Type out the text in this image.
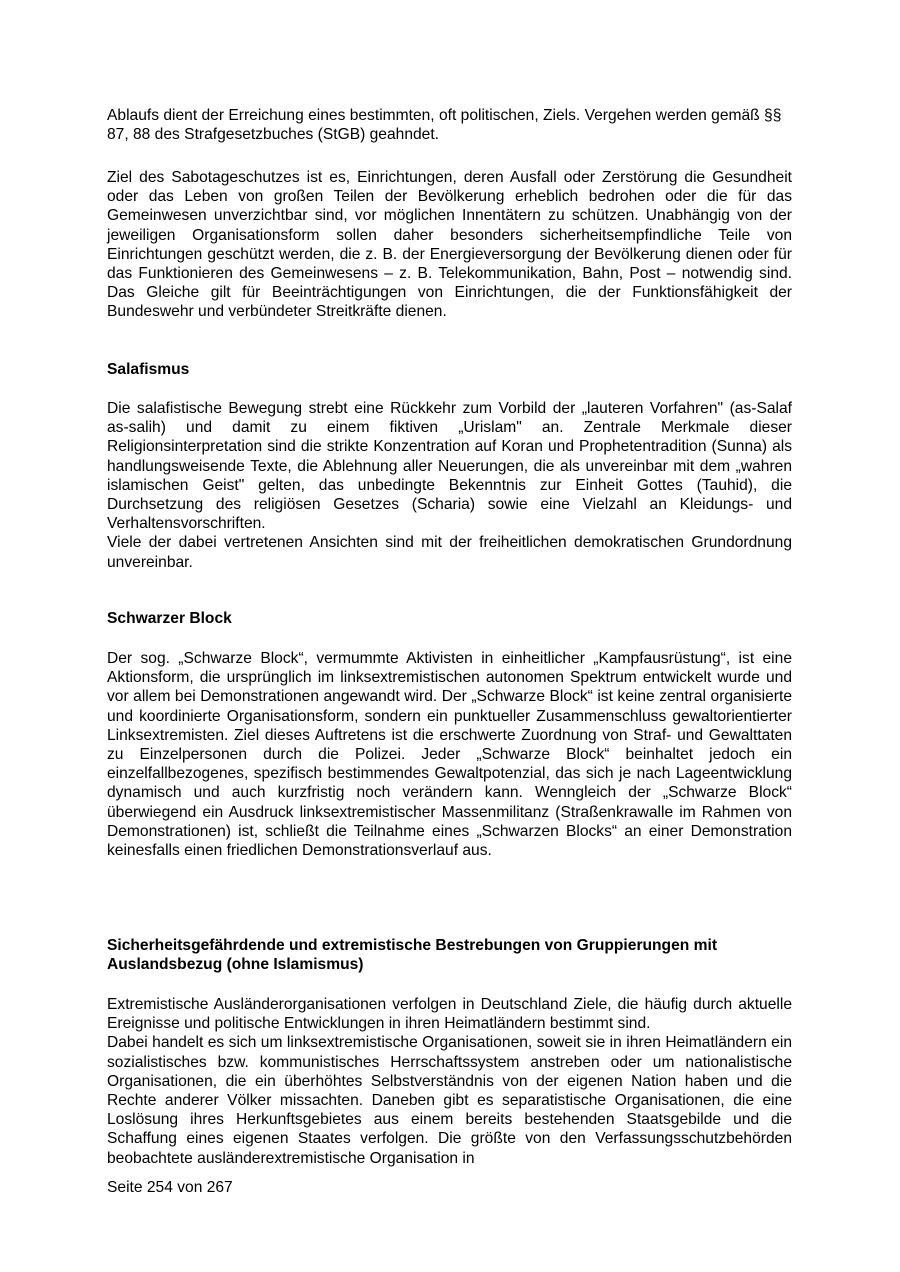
Ablaufs dient der Erreichung eines bestimmten, oft politischen, Ziels. Vergehen werden gemäß §§ 87, 88 des Strafgesetzbuches (StGB) geahndet.

Ziel des Sabotageschutzes ist es, Einrichtungen, deren Ausfall oder Zerstörung die Gesundheit oder das Leben von großen Teilen der Bevölkerung erheblich bedrohen oder die für das Gemeinwesen unverzichtbar sind, vor möglichen Innentätern zu schützen. Unabhängig von der jeweiligen Organisationsform sollen daher besonders sicherheitsempfindliche Teile von Einrichtungen geschützt werden, die z. B. der Energieversorgung der Bevölkerung dienen oder für das Funktionieren des Gemeinwesens – z. B. Telekommunikation, Bahn, Post – notwendig sind. Das Gleiche gilt für Beeinträchtigungen von Einrichtungen, die der Funktionsfähigkeit der Bundeswehr und verbündeter Streitkräfte dienen.

Salafismus

Die salafistische Bewegung strebt eine Rückkehr zum Vorbild der „lauteren Vorfahren" (as-Salaf as-salih) und damit zu einem fiktiven „Urislam" an. Zentrale Merkmale dieser Religionsinterpretation sind die strikte Konzentration auf Koran und Prophetentradition (Sunna) als handlungsweisende Texte, die Ablehnung aller Neuerungen, die als unvereinbar mit dem „wahren islamischen Geist" gelten, das unbedingte Bekenntnis zur Einheit Gottes (Tauhid), die Durchsetzung des religiösen Gesetzes (Scharia) sowie eine Vielzahl an Kleidungs- und Verhaltensvorschriften.

Viele der dabei vertretenen Ansichten sind mit der freiheitlichen demokratischen Grundordnung unvereinbar.

Schwarzer Block

Der sog. „Schwarze Block“, vermummte Aktivisten in einheitlicher „Kampfausrüstung“, ist eine Aktionsform, die ursprünglich im linksextremistischen autonomen Spektrum entwickelt wurde und vor allem bei Demonstrationen angewandt wird. Der „Schwarze Block“ ist keine zentral organisierte und koordinierte Organisationsform, sondern ein punktueller Zusammenschluss gewaltorientierter Linksextremisten. Ziel dieses Auftretens ist die erschwerte Zuordnung von Straf- und Gewalttaten zu Einzelpersonen durch die Polizei. Jeder „Schwarze Block“ beinhaltet jedoch ein einzelfallbezogenes, spezifisch bestimmendes Gewaltpotenzial, das sich je nach Lageentwicklung dynamisch und auch kurzfristig noch verändern kann. Wenngleich der „Schwarze Block“ überwiegend ein Ausdruck linksextremistischer Massenmilitanz (Straßenkrawalle im Rahmen von Demonstrationen) ist, schließt die Teilnahme eines „Schwarzen Blocks“ an einer Demonstration keinesfalls einen friedlichen Demonstrationsverlauf aus.

Sicherheitsgefährdende und extremistische Bestrebungen von Gruppierungen mit Auslandsbezug (ohne Islamismus)

Extremistische Ausländerorganisationen verfolgen in Deutschland Ziele, die häufig durch aktuelle Ereignisse und politische Entwicklungen in ihren Heimatländern bestimmt sind.

Dabei handelt es sich um linksextremistische Organisationen, soweit sie in ihren Heimatländern ein sozialistisches bzw. kommunistisches Herrschaftssystem anstreben oder um nationalistische Organisationen, die ein überhöhtes Selbstverständnis von der eigenen Nation haben und die Rechte anderer Völker missachten. Daneben gibt es separatistische Organisationen, die eine Loslösung ihres Herkunftsgebietes aus einem bereits bestehenden Staatsgebilde und die Schaffung eines eigenen Staates verfolgen. Die größte von den Verfassungsschutzbehörden beobachtete ausländerextremistische Organisation in

Seite 254 von 267
